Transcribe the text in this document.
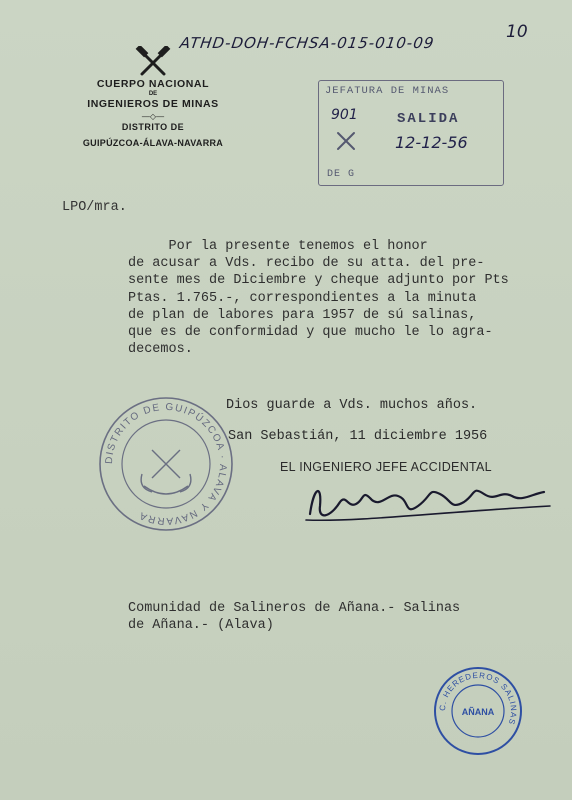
ATHD-DOH-FCHSA-015-010-09
10
CUERPO NACIONAL
DE
INGENIEROS DE MINAS
—◇—
DISTRITO DE
GUIPÚZCOA-ÁLAVA-NAVARRA
JEFATURA DE MINAS
901	SALIDA
12-12-56
DE G
LPO/mra.
Por la presente tenemos el honor
de acusar a Vds. recibo de su atta. del pre-
sente mes de Diciembre y cheque adjunto por Pts
Ptas. 1.765.-, correspondientes a la minuta
de plan de labores para 1957 de sú salinas,
que es de conformidad y que mucho le lo agra-
decemos.
DISTRITO DE GUIPÚZCOA · ALAVA Y NAVARRA
Dios guarde a Vds. muchos años.
San Sebastián, 11 diciembre 1956
EL INGENIERO JEFE ACCIDENTAL
Comunidad de Salineros de Añana.- Salinas
de Añana.- (Alava)
C. HEREDEROS SALINAS
AÑANA
